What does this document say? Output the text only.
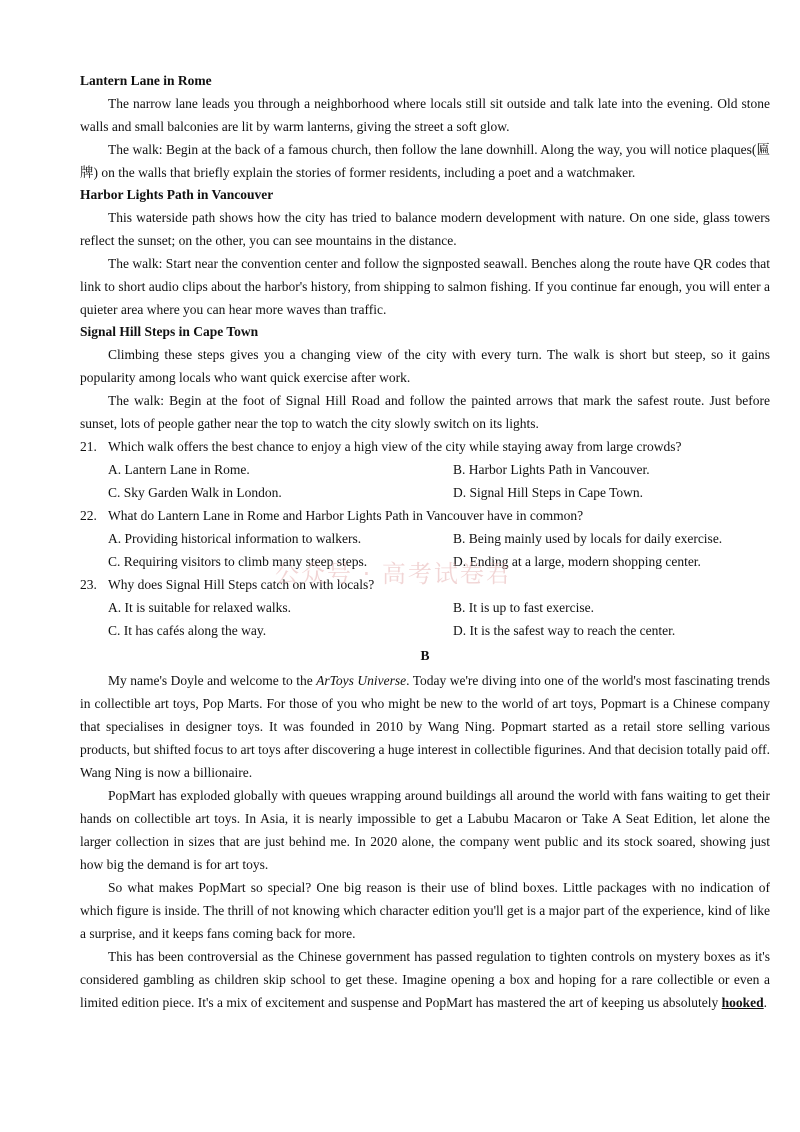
Lantern Lane in Rome

The narrow lane leads you through a neighborhood where locals still sit outside and talk late into the evening. Old stone walls and small balconies are lit by warm lanterns, giving the street a soft glow.

The walk: Begin at the back of a famous church, then follow the lane downhill. Along the way, you will notice plaques(匾牌) on the walls that briefly explain the stories of former residents, including a poet and a watchmaker.

Harbor Lights Path in Vancouver

This waterside path shows how the city has tried to balance modern development with nature. On one side, glass towers reflect the sunset; on the other, you can see mountains in the distance.

The walk: Start near the convention center and follow the signposted seawall. Benches along the route have QR codes that link to short audio clips about the harbor's history, from shipping to salmon fishing. If you continue far enough, you will enter a quieter area where you can hear more waves than traffic.

Signal Hill Steps in Cape Town

Climbing these steps gives you a changing view of the city with every turn. The walk is short but steep, so it gains popularity among locals who want quick exercise after work.

The walk: Begin at the foot of Signal Hill Road and follow the painted arrows that mark the safest route. Just before sunset, lots of people gather near the top to watch the city slowly switch on its lights.

21. Which walk offers the best chance to enjoy a high view of the city while staying away from large crowds?

A. Lantern Lane in Rome.	B. Harbor Lights Path in Vancouver.

C. Sky Garden Walk in London.	D. Signal Hill Steps in Cape Town.

22. What do Lantern Lane in Rome and Harbor Lights Path in Vancouver have in common?

A. Providing historical information to walkers.	B. Being mainly used by locals for daily exercise.

C. Requiring visitors to climb many steep steps.	D. Ending at a large, modern shopping center.

23. Why does Signal Hill Steps catch on with locals?

A. It is suitable for relaxed walks.	B. It is up to fast exercise.

C. It has cafés along the way.	D. It is the safest way to reach the center.

B

My name's Doyle and welcome to the ArToys Universe. Today we're diving into one of the world's most fascinating trends in collectible art toys, Pop Marts. For those of you who might be new to the world of art toys, Popmart is a Chinese company that specialises in designer toys. It was founded in 2010 by Wang Ning. Popmart started as a retail store selling various products, but shifted focus to art toys after discovering a huge interest in collectible figurines. And that decision totally paid off. Wang Ning is now a billionaire.

PopMart has exploded globally with queues wrapping around buildings all around the world with fans waiting to get their hands on collectible art toys. In Asia, it is nearly impossible to get a Labubu Macaron or Take A Seat Edition, let alone the larger collection in sizes that are just behind me. In 2020 alone, the company went public and its stock soared, showing just how big the demand is for art toys.

So what makes PopMart so special? One big reason is their use of blind boxes. Little packages with no indication of which figure is inside. The thrill of not knowing which character edition you'll get is a major part of the experience, kind of like a surprise, and it keeps fans coming back for more.

This has been controversial as the Chinese government has passed regulation to tighten controls on mystery boxes as it's considered gambling as children skip school to get these. Imagine opening a box and hoping for a rare collectible or even a limited edition piece. It's a mix of excitement and suspense and PopMart has mastered the art of keeping us absolutely hooked.

公众号 · 高考试卷君
